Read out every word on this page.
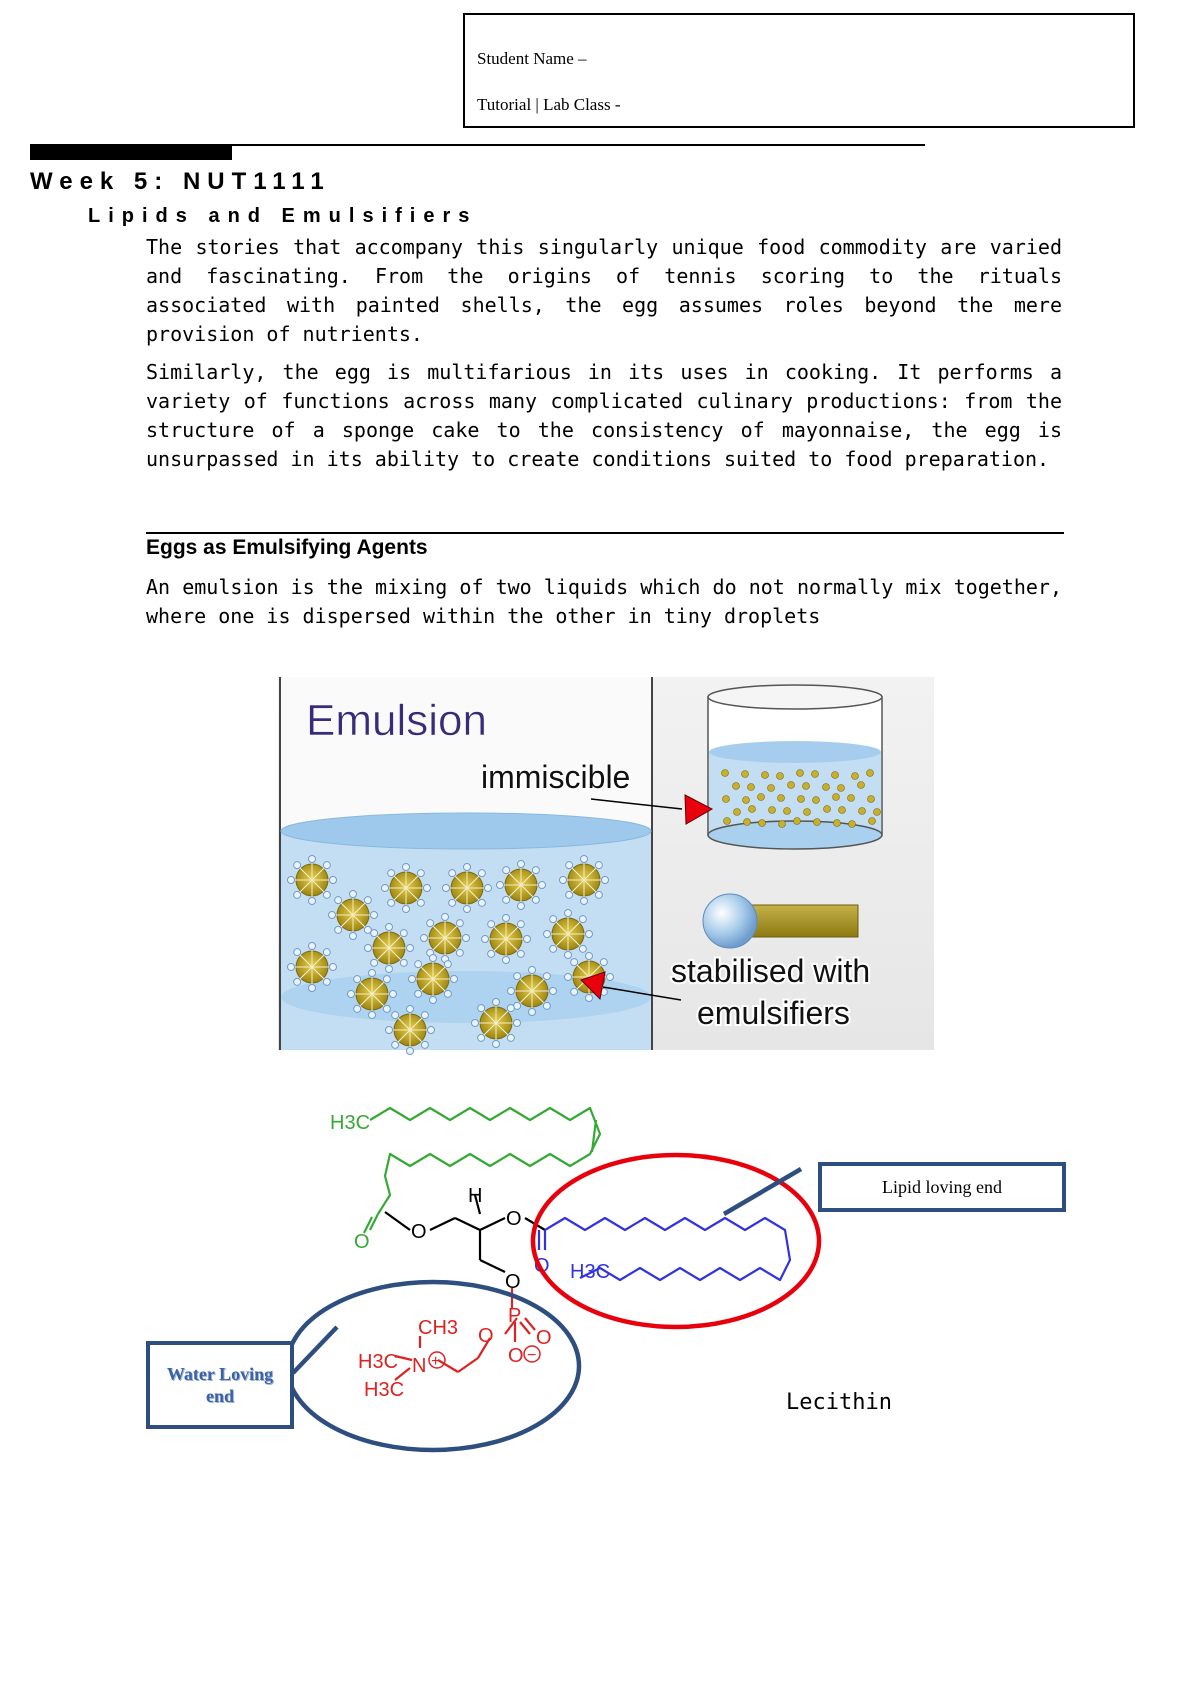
Student Name –
Tutorial | Lab Class -
Week 5: NUT1111
Lipids and Emulsifiers
The stories that accompany this singularly unique food commodity are varied and fascinating. From the origins of tennis scoring to the rituals associated with painted shells, the egg assumes roles beyond the mere provision of nutrients.
Similarly, the egg is multifarious in its uses in cooking. It performs a variety of functions across many complicated culinary productions: from the structure of a sponge cake to the consistency of mayonnaise, the egg is unsurpassed in its ability to create conditions suited to food preparation.
Eggs as Emulsifying Agents
An emulsion is the mixing of two liquids which do not normally mix together, where one is dispersed within the other in tiny droplets
Emulsion
immiscible
stabilised with
emulsifiers
H3C
O O
H
O
O H3C
O
P
O
O
O
CH3
H3C N
H3C
+	−
Lipid loving end
Water Loving
end	Lecithin
